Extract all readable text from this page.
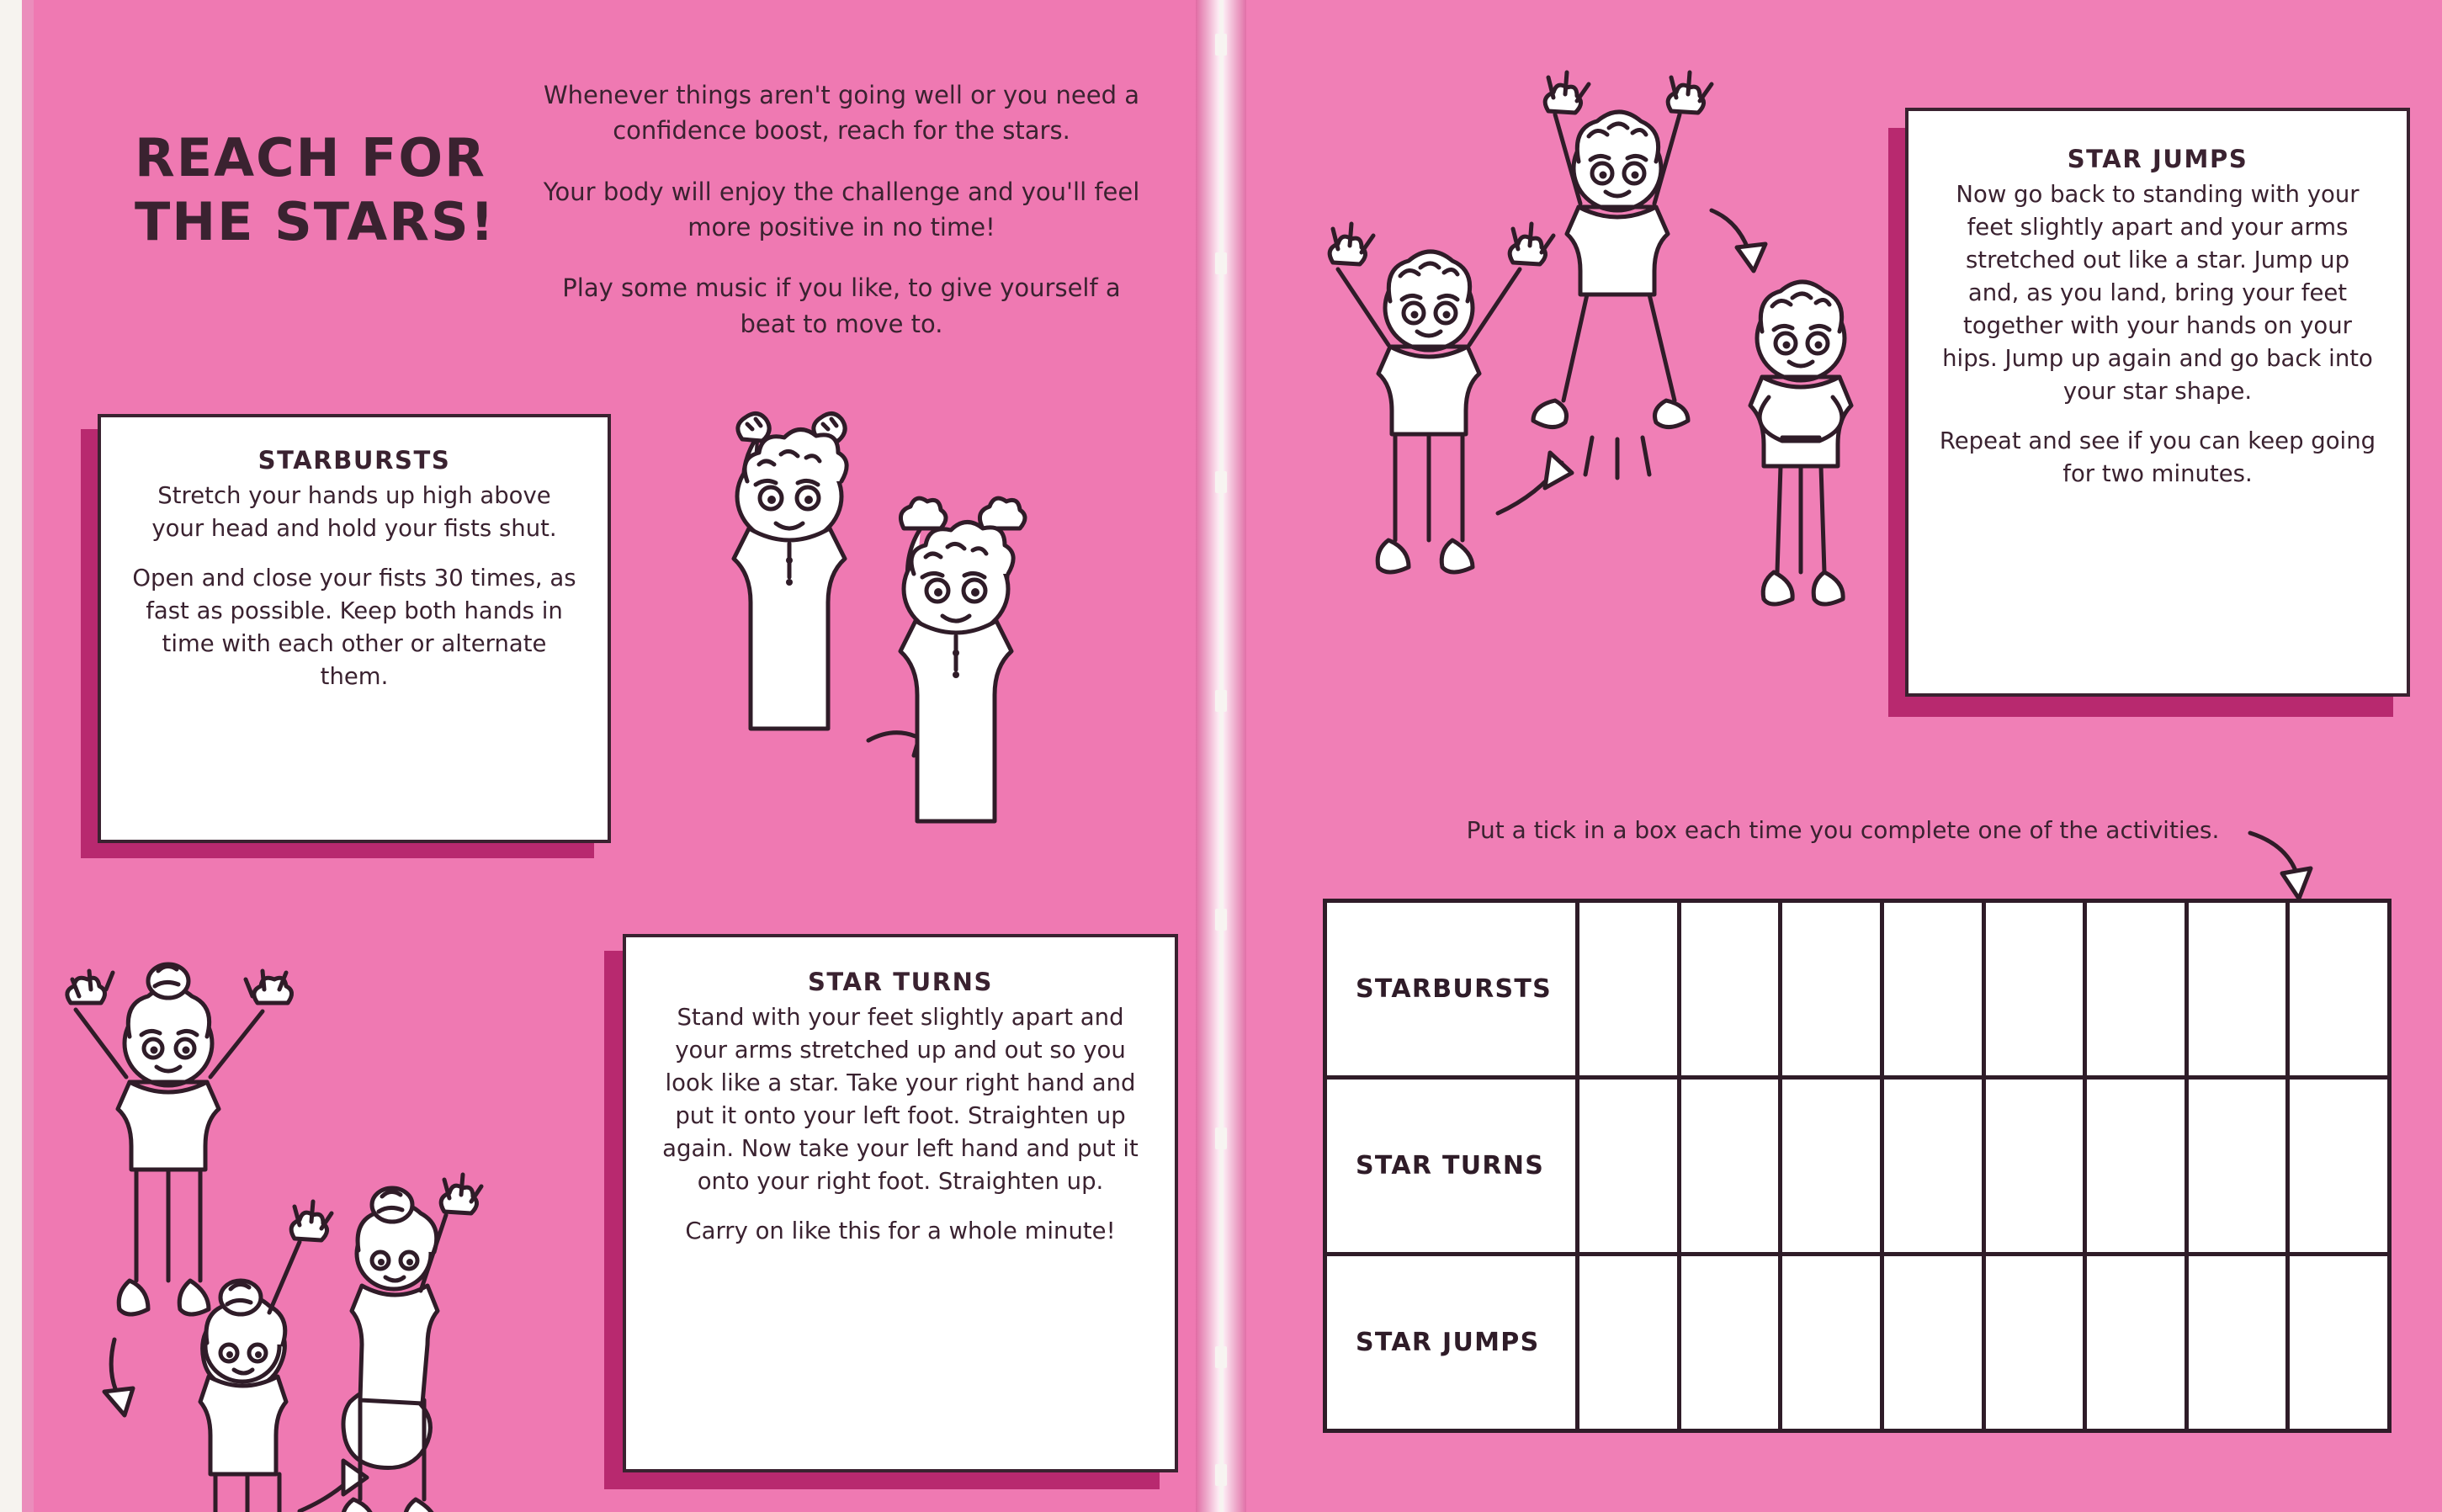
REACH FOR
THE STARS!

Whenever things aren't going well or you need a confidence boost, reach for the stars.

Your body will enjoy the challenge and you'll feel more positive in no time!

Play some music if you like, to give yourself a beat to move to.

STARBURSTS

Stretch your hands up high above your head and hold your fists shut.

Open and close your fists 30 times, as fast as possible. Keep both hands in time with each other or alternate them.

STAR TURNS

Stand with your feet slightly apart and your arms stretched up and out so you look like a star. Take your right hand and put it onto your left foot. Straighten up again. Now take your left hand and put it onto your right foot. Straighten up.

Carry on like this for a whole minute!

STAR JUMPS

Now go back to standing with your feet slightly apart and your arms stretched out like a star. Jump up and, as you land, bring your feet together with your hands on your hips. Jump up again and go back into your star shape.

Repeat and see if you can keep going for two minutes.

Put a tick in a box each time you complete one of the activities.
STARBURSTS
STAR TURNS
STAR JUMPS
